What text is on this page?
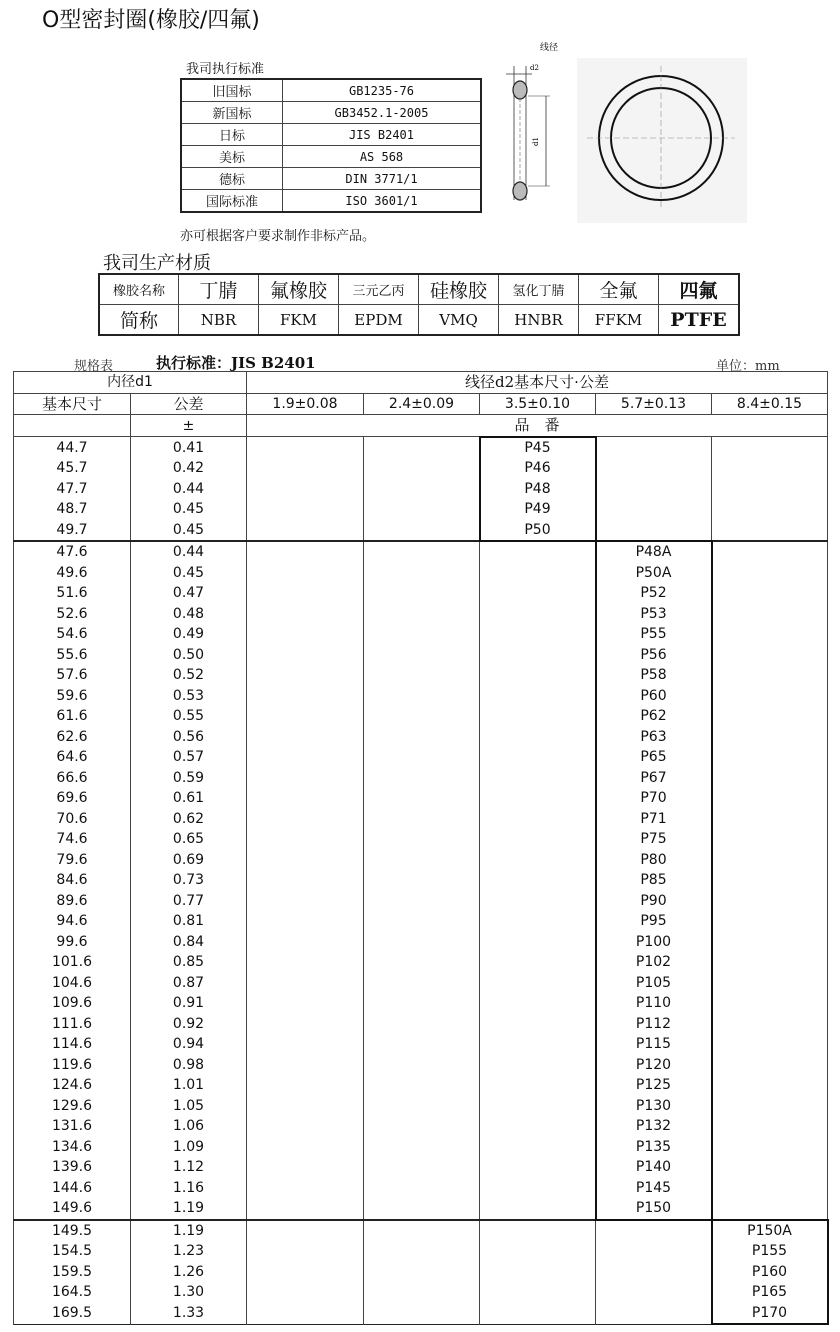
O型密封圈(橡胶/四氟)
我司执行标准
旧国标	GB1235-76
新国标	GB3452.1-2005
日标	JIS B2401
美标	AS 568
德标	DIN 3771/1
国际标准	ISO 3601/1
亦可根据客户要求制作非标产品。
线径
d2
d1
我司生产材质
橡胶名称	丁腈	氟橡胶	三元乙丙	硅橡胶	氢化丁腈	全氟	四氟
简称	NBR	FKM	EPDM	VMQ	HNBR	FFKM	PTFE
规格表	执行标准：JIS B2401	单位：mm
内径d1		线径d2基本尺寸·公差				
基本尺寸	公差	1.9±0.08	2.4±0.09	3.5±0.10	5.7±0.13	8.4±0.15
	±	品　番				
44.7	0.41			P45		
45.7	0.42			P46		
47.7	0.44			P48		
48.7	0.45			P49		
49.7	0.45			P50		
47.6	0.44				P48A	
49.6	0.45				P50A	
51.6	0.47				P52	
52.6	0.48				P53	
54.6	0.49				P55	
55.6	0.50				P56	
57.6	0.52				P58	
59.6	0.53				P60	
61.6	0.55				P62	
62.6	0.56				P63	
64.6	0.57				P65	
66.6	0.59				P67	
69.6	0.61				P70	
70.6	0.62				P71	
74.6	0.65				P75	
79.6	0.69				P80	
84.6	0.73				P85	
89.6	0.77				P90	
94.6	0.81				P95	
99.6	0.84				P100	
101.6	0.85				P102	
104.6	0.87				P105	
109.6	0.91				P110	
111.6	0.92				P112	
114.6	0.94				P115	
119.6	0.98				P120	
124.6	1.01				P125	
129.6	1.05				P130	
131.6	1.06				P132	
134.6	1.09				P135	
139.6	1.12				P140	
144.6	1.16				P145	
149.6	1.19				P150	
149.5	1.19					P150A
154.5	1.23					P155
159.5	1.26					P160
164.5	1.30					P165
169.5	1.33					P170
